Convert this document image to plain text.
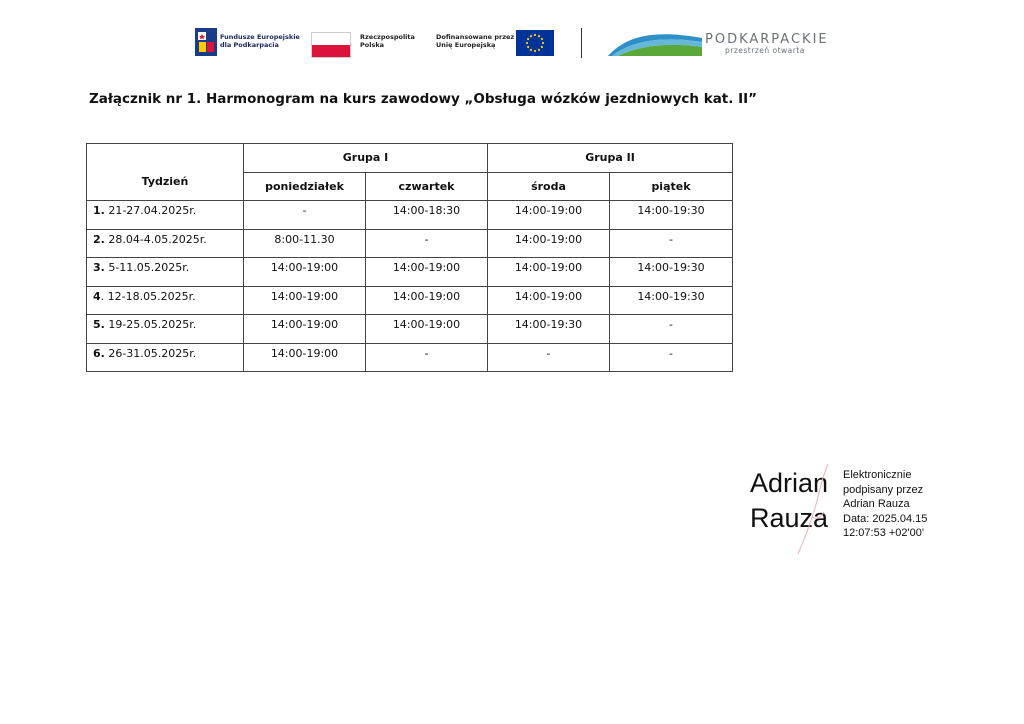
Fundusze Europejskie
dla Podkarpacia
Rzeczpospolita
Polska
Dofinansowane przez
Unię Europejską	PODKARPACKIE
przestrzeń otwarta
Załącznik nr 1. Harmonogram na kurs zawodowy „Obsługa wózków jezdniowych kat. II”
Tydzień	Grupa I		Grupa II	
	poniedziałek	czwartek	środa	piątek
1. 21-27.04.2025r.	-	14:00-18:30	14:00-19:00	14:00-19:30
2. 28.04-4.05.2025r.	8:00-11.30	-	14:00-19:00	-
3. 5-11.05.2025r.	14:00-19:00	14:00-19:00	14:00-19:00	14:00-19:30
4. 12-18.05.2025r.	14:00-19:00	14:00-19:00	14:00-19:00	14:00-19:30
5. 19-25.05.2025r.	14:00-19:00	14:00-19:00	14:00-19:30	-
6. 26-31.05.2025r.	14:00-19:00	-	-	-
Adrian
Rauza
Elektronicznie
podpisany przez
Adrian Rauza
Data: 2025.04.15
12:07:53 +02'00'
